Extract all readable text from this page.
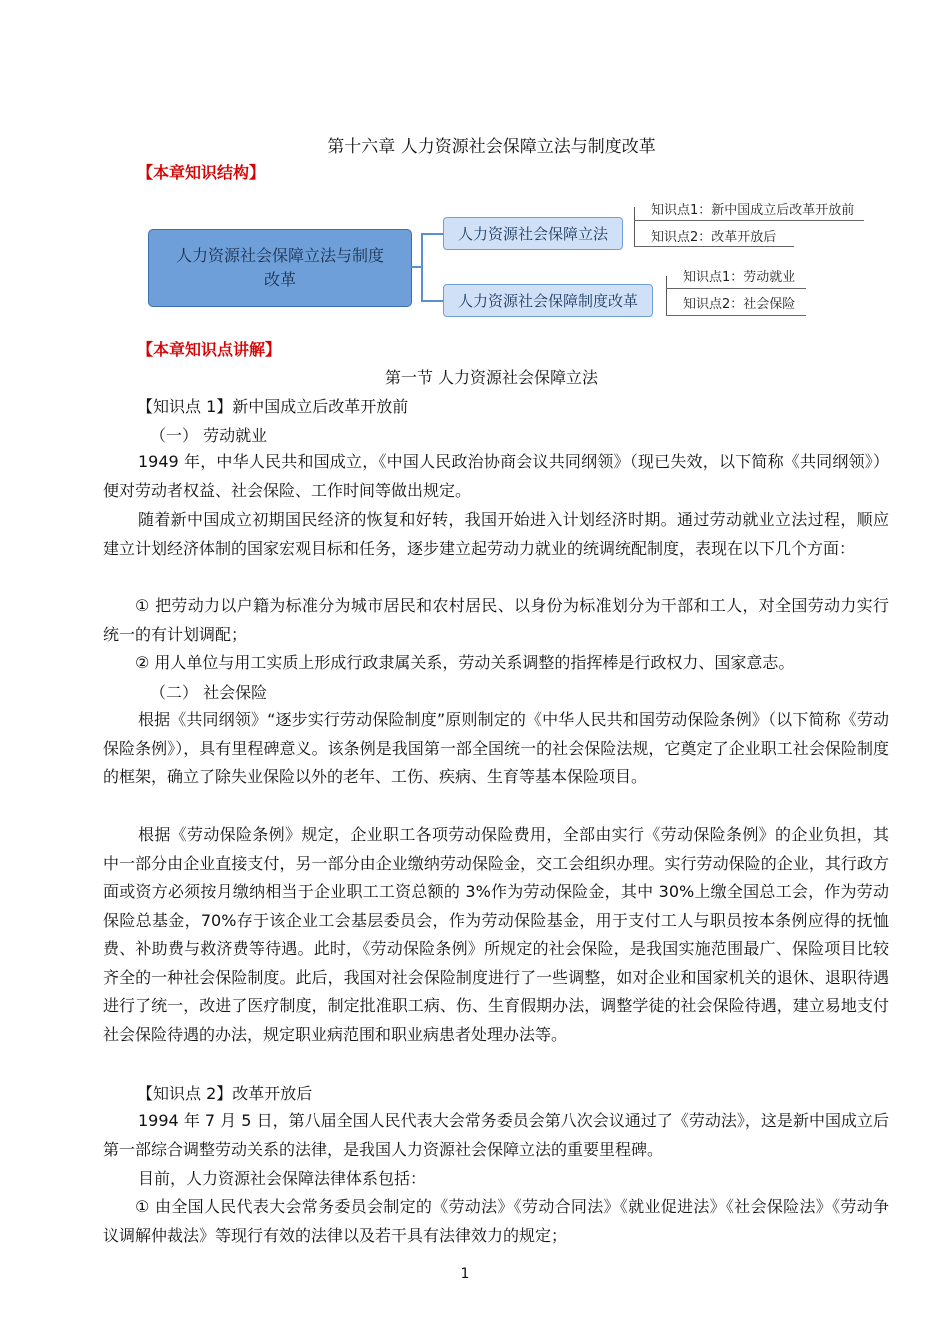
第十六章 人力资源社会保障立法与制度改革
【本章知识结构】
人力资源社会保障立法与制度改革
人力资源社会保障立法
人力资源社会保障制度改革
知识点1：新中国成立后改革开放前
知识点2：改革开放后
知识点1：劳动就业
知识点2：社会保险
【本章知识点讲解】
第一节 人力资源社会保障立法
【知识点 1】新中国成立后改革开放前
（一） 劳动就业
1949 年，中华人民共和国成立，《中国人民政治协商会议共同纲领》（现已失效，以下简称《共同纲领》）便对劳动者权益、社会保险、工作时间等做出规定。
随着新中国成立初期国民经济的恢复和好转，我国开始进入计划经济时期。通过劳动就业立法过程，顺应建立计划经济体制的国家宏观目标和任务，逐步建立起劳动力就业的统调统配制度，表现在以下几个方面：
① 把劳动力以户籍为标准分为城市居民和农村居民、以身份为标准划分为干部和工人，对全国劳动力实行统一的有计划调配；
② 用人单位与用工实质上形成行政隶属关系，劳动关系调整的指挥棒是行政权力、国家意志。
（二） 社会保险
根据《共同纲领》“逐步实行劳动保险制度”原则制定的《中华人民共和国劳动保险条例》（以下简称《劳动保险条例》），具有里程碑意义。该条例是我国第一部全国统一的社会保险法规，它奠定了企业职工社会保险制度的框架，确立了除失业保险以外的老年、工伤、疾病、生育等基本保险项目。
根据《劳动保险条例》规定，企业职工各项劳动保险费用，全部由实行《劳动保险条例》的企业负担，其中一部分由企业直接支付，另一部分由企业缴纳劳动保险金，交工会组织办理。实行劳动保险的企业，其行政方面或资方必须按月缴纳相当于企业职工工资总额的 3%作为劳动保险金，其中 30%上缴全国总工会，作为劳动保险总基金，70%存于该企业工会基层委员会，作为劳动保险基金，用于支付工人与职员按本条例应得的抚恤费、补助费与救济费等待遇。此时，《劳动保险条例》所规定的社会保险，是我国实施范围最广、保险项目比较齐全的一种社会保险制度。此后，我国对社会保险制度进行了一些调整，如对企业和国家机关的退休、退职待遇进行了统一，改进了医疗制度，制定批准职工病、伤、生育假期办法，调整学徒的社会保险待遇，建立易地支付社会保险待遇的办法，规定职业病范围和职业病患者处理办法等。
【知识点 2】改革开放后
1994 年 7 月 5 日，第八届全国人民代表大会常务委员会第八次会议通过了《劳动法》，这是新中国成立后第一部综合调整劳动关系的法律，是我国人力资源社会保障立法的重要里程碑。
目前，人力资源社会保障法律体系包括：
① 由全国人民代表大会常务委员会制定的《劳动法》《劳动合同法》《就业促进法》《社会保险法》《劳动争议调解仲裁法》等现行有效的法律以及若干具有法律效力的规定；
1
